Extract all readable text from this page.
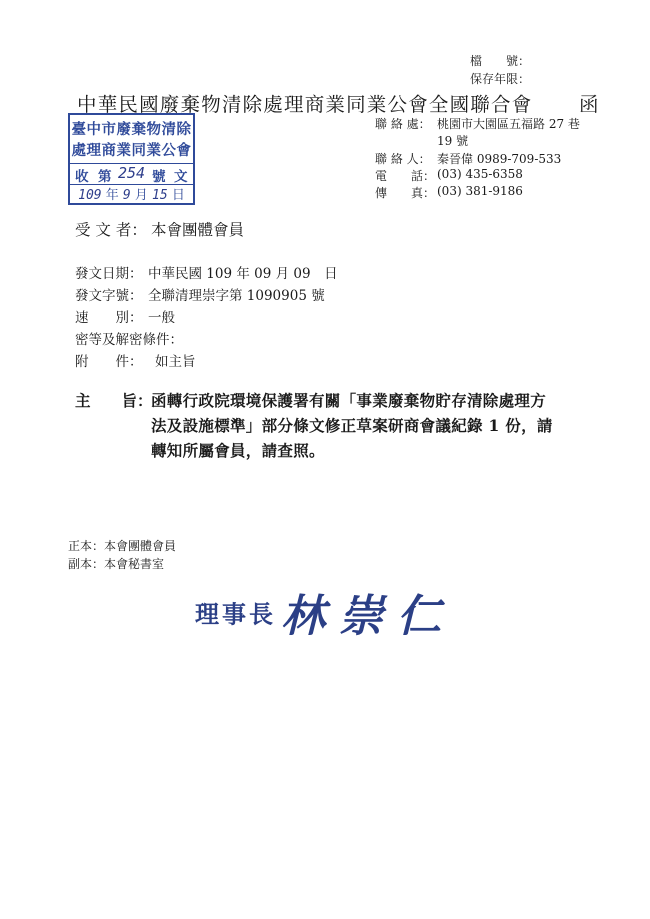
檔　　號：
保存年限：
中華民國廢棄物清除處理商業同業公會全國聯合會 函
臺中市廢棄物清除
處理商業同業公會
收 第 254 號 文
109 年 9 月 15 日
聯 絡 處： 桃園市大園區五福路 27 巷
19 號
聯 絡 人： 秦晉偉 0989-709-533
電　　話： (03) 435-6358
傳　　真： (03) 381-9186
受 文 者： 本會團體會員
發文日期： 中華民國 109 年 09 月 09　日
發文字號： 全聯清理崇字第 1090905 號
速　　別： 一般
密等及解密條件：
附　　件： 如主旨
主　　旨：
函轉行政院環境保護署有關「事業廢棄物貯存清除處理方
法及設施標準」部分條文修正草案研商會議紀錄 1 份，請
轉知所屬會員，請查照。
正本：本會團體會員
副本：本會秘書室
理事長 林崇仁
